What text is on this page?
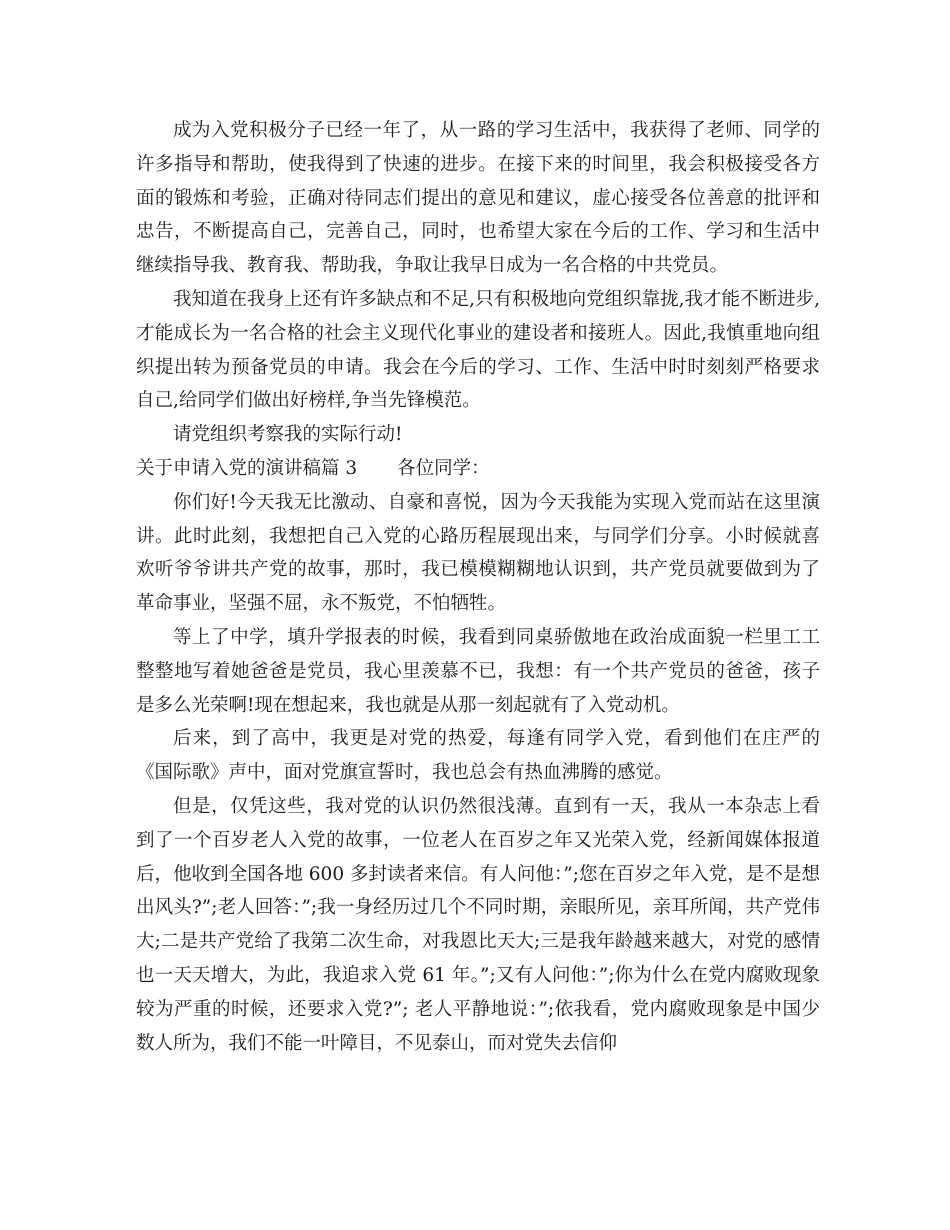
成为入党积极分子已经一年了，从一路的学习生活中，我获得了老师、同学的许多指导和帮助，使我得到了快速的进步。在接下来的时间里，我会积极接受各方面的锻炼和考验，正确对待同志们提出的意见和建议，虚心接受各位善意的批评和忠告，不断提高自己，完善自己，同时，也希望大家在今后的工作、学习和生活中继续指导我、教育我、帮助我，争取让我早日成为一名合格的中共党员。

我知道在我身上还有许多缺点和不足,只有积极地向党组织靠拢,我才能不断进步,才能成长为一名合格的社会主义现代化事业的建设者和接班人。因此,我慎重地向组织提出转为预备党员的申请。我会在今后的学习、工作、生活中时时刻刻严格要求自己,给同学们做出好榜样,争当先锋模范。

请党组织考察我的实际行动!

关于申请入党的演讲稿篇 3 各位同学：

你们好!今天我无比激动、自豪和喜悦，因为今天我能为实现入党而站在这里演讲。此时此刻，我想把自己入党的心路历程展现出来，与同学们分享。小时候就喜欢听爷爷讲共产党的故事，那时，我已模模糊糊地认识到，共产党员就要做到为了革命事业，坚强不屈，永不叛党，不怕牺牲。

等上了中学，填升学报表的时候，我看到同桌骄傲地在政治成面貌一栏里工工整整地写着她爸爸是党员，我心里羡慕不已，我想：有一个共产党员的爸爸，孩子是多么光荣啊!现在想起来，我也就是从那一刻起就有了入党动机。

后来，到了高中，我更是对党的热爱，每逢有同学入党，看到他们在庄严的《国际歌》声中，面对党旗宣誓时，我也总会有热血沸腾的感觉。

但是，仅凭这些，我对党的认识仍然很浅薄。直到有一天，我从一本杂志上看到了一个百岁老人入党的故事，一位老人在百岁之年又光荣入党，经新闻媒体报道后，他收到全国各地 600 多封读者来信。有人问他：”;您在百岁之年入党，是不是想出风头?”;老人回答：”;我一身经历过几个不同时期，亲眼所见，亲耳所闻，共产党伟大;二是共产党给了我第二次生命，对我恩比天大;三是我年龄越来越大，对党的感情也一天天增大，为此，我追求入党 61 年。”;又有人问他：”;你为什么在党内腐败现象较为严重的时候，还要求入党?”; 老人平静地说：”;依我看，党内腐败现象是中国少数人所为，我们不能一叶障目，不见泰山，而对党失去信仰
